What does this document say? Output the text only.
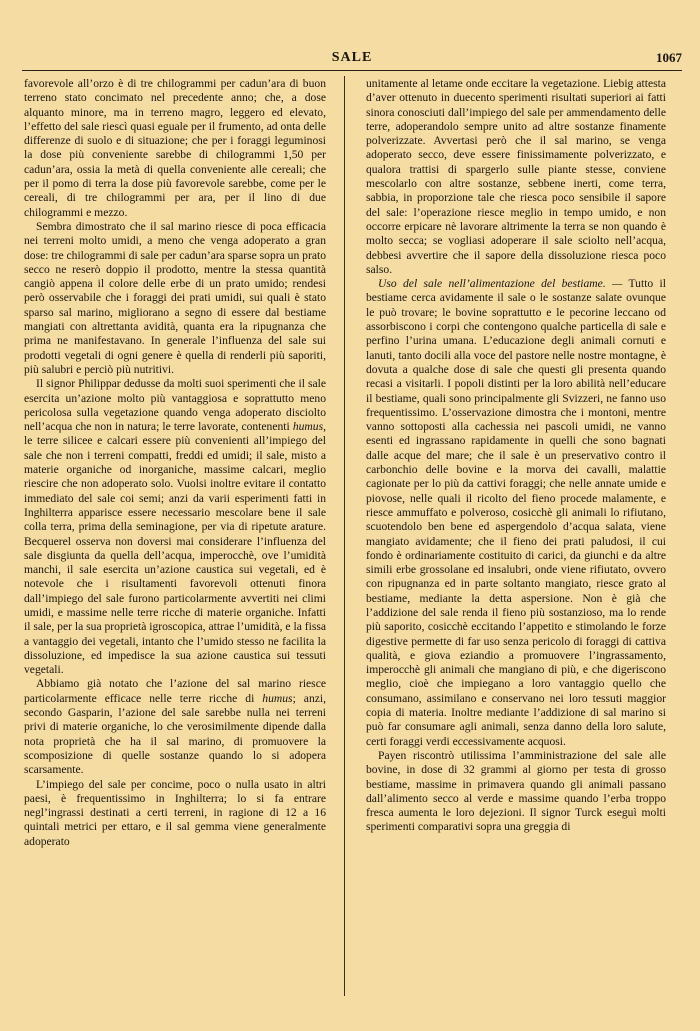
SALE	1067

favorevole all’orzo è di tre chilogrammi per cadun’ara di buon terreno stato concimato nel precedente anno; che, a dose alquanto minore, ma in terreno magro, leggero ed elevato, l’effetto del sale riescì quasi eguale per il frumento, ad onta delle differenze di suolo e di situazione; che per i foraggi leguminosi la dose più conveniente sarebbe di chilogrammi 1,50 per cadun’ara, ossia la metà di quella conveniente alle cereali; che per il pomo di terra la dose più favorevole sarebbe, come per le cereali, di tre chilogrammi per ara, per il lino di due chilogrammi e mezzo.

Sembra dimostrato che il sal marino riesce di poca efficacia nei terreni molto umidi, a meno che venga adoperato a gran dose: tre chilogrammi di sale per cadun’ara sparse sopra un prato secco ne reserò doppio il prodotto, mentre la stessa quantità cangiò appena il colore delle erbe di un prato umido; rendesi però osservabile che i foraggi dei prati umidi, sui quali è stato sparso sal marino, migliorano a segno di essere dal bestiame mangiati con altrettanta avidità, quanta era la ripugnanza che prima ne manifestavano. In generale l’influenza del sale sui prodotti vegetali di ogni genere è quella di renderli più saporiti, più salubri e perciò più nutritivi.

Il signor Philippar dedusse da molti suoi sperimenti che il sale esercita un’azione molto più vantaggiosa e soprattutto meno pericolosa sulla vegetazione quando venga adoperato disciolto nell’acqua che non in natura; le terre lavorate, contenenti humus, le terre silicee e calcari essere più convenienti all’impiego del sale che non i terreni compatti, freddi ed umidi; il sale, misto a materie organiche od inorganiche, massime calcari, meglio riescire che non adoperato solo. Vuolsi inoltre evitare il contatto immediato del sale coi semi; anzi da varii esperimenti fatti in Inghilterra apparisce essere necessario mescolare bene il sale colla terra, prima della seminagione, per via di ripetute arature. Becquerel osserva non doversi mai considerare l’influenza del sale disgiunta da quella dell’acqua, imperocchè, ove l’umidità manchi, il sale esercita un’azione caustica sui vegetali, ed è notevole che i risultamenti favorevoli ottenuti finora dall’impiego del sale furono particolarmente avvertiti nei climi umidi, e massime nelle terre ricche di materie organiche. Infatti il sale, per la sua proprietà igroscopica, attrae l’umidità, e la fissa a vantaggio dei vegetali, intanto che l’umido stesso ne facilita la dissoluzione, ed impedisce la sua azione caustica sui tessuti vegetali.

Abbiamo già notato che l’azione del sal marino riesce particolarmente efficace nelle terre ricche di humus; anzi, secondo Gasparin, l’azione del sale sarebbe nulla nei terreni privi di materie organiche, lo che verosimilmente dipende dalla nota proprietà che ha il sal marino, di promuovere la scomposizione di quelle sostanze quando lo si adopera scarsamente.

L’impiego del sale per concime, poco o nulla usato in altri paesi, è frequentissimo in Inghilterra; lo si fa entrare negl’ingrassi destinati a certi terreni, in ragione di 12 a 16 quintali metrici per ettaro, e il sal gemma viene generalmente adoperato

unitamente al letame onde eccitare la vegetazione. Liebig attesta d’aver ottenuto in duecento sperimenti risultati superiori ai fatti sinora conosciuti dall’impiego del sale per ammendamento delle terre, adoperandolo sempre unito ad altre sostanze finamente polverizzate. Avvertasi però che il sal marino, se venga adoperato secco, deve essere finissimamente polverizzato, e qualora trattisi di spargerlo sulle piante stesse, conviene mescolarlo con altre sostanze, sebbene inerti, come terra, sabbia, in proporzione tale che riesca poco sensibile il sapore del sale: l’operazione riesce meglio in tempo umido, e non occorre erpicare nè lavorare altrimente la terra se non quando è molto secca; se vogliasi adoperare il sale sciolto nell’acqua, debbesi avvertire che il sapore della dissoluzione riesca poco salso.

Uso del sale nell’alimentazione del bestiame. — Tutto il bestiame cerca avidamente il sale o le sostanze salate ovunque le può trovare; le bovine soprattutto e le pecorine leccano od assorbiscono i corpi che contengono qualche particella di sale e perfino l’urina umana. L’educazione degli animali cornuti e lanuti, tanto docili alla voce del pastore nelle nostre montagne, è dovuta a qualche dose di sale che questi gli presenta quando recasi a visitarli. I popoli distinti per la loro abilità nell’educare il bestiame, quali sono principalmente gli Svizzeri, ne fanno uso frequentissimo. L’osservazione dimostra che i montoni, mentre vanno sottoposti alla cachessia nei pascoli umidi, ne vanno esenti ed ingrassano rapidamente in quelli che sono bagnati dalle acque del mare; che il sale è un preservativo contro il carbonchio delle bovine e la morva dei cavalli, malattie cagionate per lo più da cattivi foraggi; che nelle annate umide e piovose, nelle quali il ricolto del fieno procede malamente, e riesce ammuffato e polveroso, cosicchè gli animali lo rifiutano, scuotendolo ben bene ed aspergendolo d’acqua salata, viene mangiato avidamente; che il fieno dei prati paludosi, il cui fondo è ordinariamente costituito di carici, da giunchi e da altre simili erbe grossolane ed insalubri, onde viene rifiutato, ovvero con ripugnanza ed in parte soltanto mangiato, riesce grato al bestiame, mediante la detta aspersione. Non è già che l’addizione del sale renda il fieno più sostanzioso, ma lo rende più saporito, cosicchè eccitando l’appetito e stimolando le forze digestive permette di far uso senza pericolo di foraggi di cattiva qualità, e giova eziandio a promuovere l’ingrassamento, imperocchè gli animali che mangiano di più, e che digeriscono meglio, cioè che impiegano a loro vantaggio quello che consumano, assimilano e conservano nei loro tessuti maggior copia di materia. Inoltre mediante l’addizione di sal marino si può far consumare agli animali, senza danno della loro salute, certi foraggi verdi eccessivamente acquosi.

Payen riscontrò utilissima l’amministrazione del sale alle bovine, in dose di 32 grammi al giorno per testa di grosso bestiame, massime in primavera quando gli animali passano dall’alimento secco al verde e massime quando l’erba troppo fresca aumenta le loro dejezioni. Il signor Turck eseguì molti sperimenti comparativi sopra una greggia di
